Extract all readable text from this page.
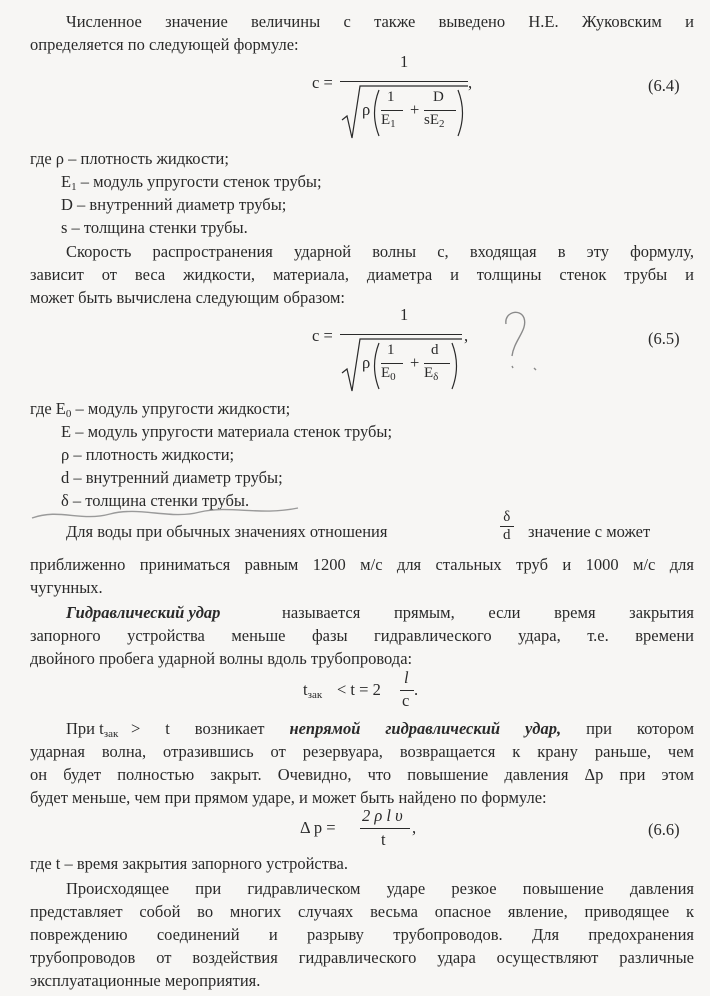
Численное значение величины с также выведено Н.Е. Жуковским и
определяется по следующей формуле:
c =
1
ρ
1
$E_1$
+
D
$sE_2$
,	(6.4)
где ρ – плотность жидкости;
$E_1$ – модуль упругости стенок трубы;
D – внутренний диаметр трубы;
s – толщина стенки трубы.
Скорость распространения ударной волны с, входящая в эту формулу,
зависит от веса жидкости, материала, диаметра и толщины стенок трубы и
может быть вычислена следующим образом:
c =
1
ρ
1
$E_0$
+
d
$E_\delta$
,	(6.5)
где $E_0$ – модуль упругости жидкости;
E – модуль упругости материала стенок трубы;
ρ – плотность жидкости;
d – внутренний диаметр трубы;
δ – толщина стенки трубы.
Для воды при обычных значениях отношения
δ
d значение c может
приближенно приниматься равным 1200 м/с для стальных труб и 1000 м/с для
чугунных.
Гидравлический удар	называется прямым, если время закрытия
запорного устройства меньше фазы гидравлического удара, т.е. времени
двойного пробега ударной волны вдоль трубопровода:
$t_{зак} < t = 2$
l
c
.
При $t_{зак} > t$ возникает непрямой гидравлический удар, при котором
ударная волна, отразившись от резервуара, возвращается к крану раньше, чем
он будет полностью закрыт. Очевидно, что повышение давления Δp при этом
будет меньше, чем при прямом ударе, и может быть найдено по формуле:
Δ p =
2 ρ l υ
t
,	(6.6)
где t – время закрытия запорного устройства.
Происходящее при гидравлическом ударе резкое повышение давления
представляет собой во многих случаях весьма опасное явление, приводящее к
повреждению соединений и разрыву трубопроводов. Для предохранения
трубопроводов от воздействия гидравлического удара осуществляют различные
эксплуатационные мероприятия.
